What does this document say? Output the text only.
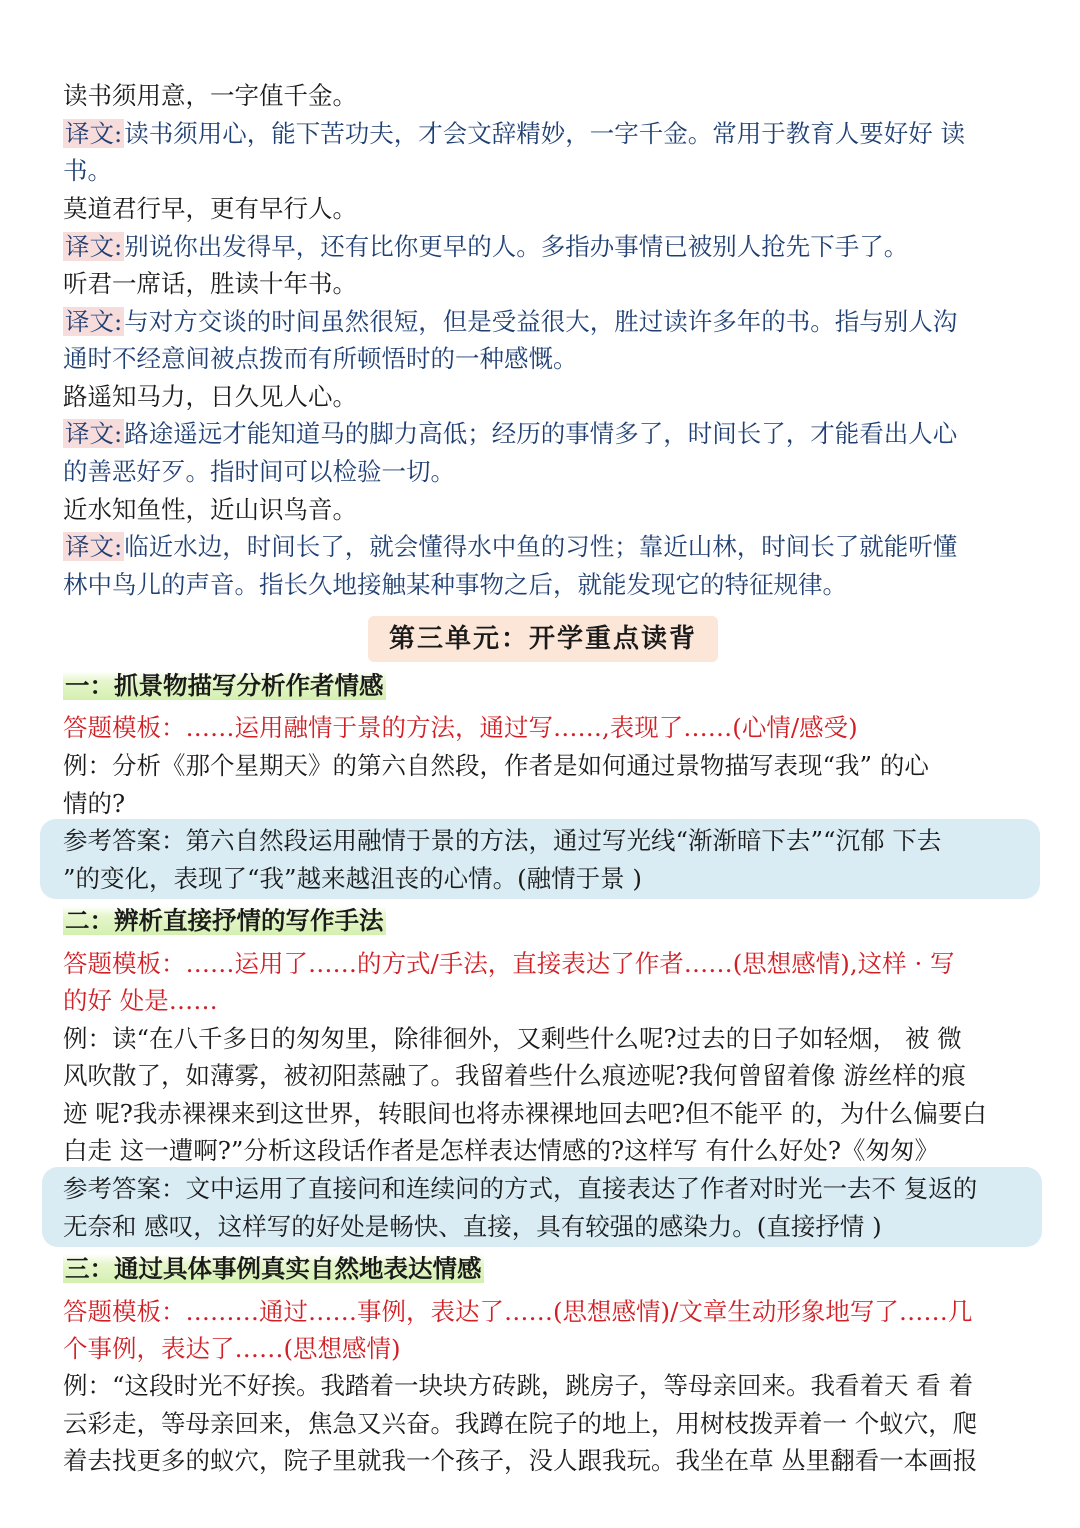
读书须用意，一字值千金。
译文:读书须用心，能下苦功夫，才会文辞精妙，一字千金。常用于教育人要好好 读
书。
莫道君行早，更有早行人。
译文:别说你出发得早，还有比你更早的人。多指办事情已被别人抢先下手了。
听君一席话，胜读十年书。
译文:与对方交谈的时间虽然很短，但是受益很大，胜过读许多年的书。指与别人沟
通时不经意间被点拨而有所顿悟时的一种感慨。
路遥知马力，日久见人心。
译文:路途遥远才能知道马的脚力高低；经历的事情多了，时间长了，才能看出人心
的善恶好歹。指时间可以检验一切。
近水知鱼性，近山识鸟音。
译文:临近水边，时间长了，就会懂得水中鱼的习性；靠近山林，时间长了就能听懂
林中鸟儿的声音。指长久地接触某种事物之后，就能发现它的特征规律。
第三单元：开学重点读背
一：抓景物描写分析作者情感
答题模板：……运用融情于景的方法，通过写……,表现了……(心情/感受)
例：分析《那个星期天》的第六自然段，作者是如何通过景物描写表现“我” 的心
情的?
参考答案：第六自然段运用融情于景的方法，通过写光线“渐渐暗下去”“沉郁 下去
”的变化，表现了“我”越来越沮丧的心情。(融情于景 )
二：辨析直接抒情的写作手法
答题模板：……运用了……的方式/手法，直接表达了作者……(思想感情),这样 · 写
的好 处是……
例：读“在八千多日的匆匆里，除徘徊外，又剩些什么呢?过去的日子如轻烟， 被 微
风吹散了，如薄雾，被初阳蒸融了。我留着些什么痕迹呢?我何曾留着像 游丝样的痕
迹 呢?我赤裸裸来到这世界，转眼间也将赤裸裸地回去吧?但不能平 的，为什么偏要白
白走 这一遭啊?”分析这段话作者是怎样表达情感的?这样写 有什么好处?《匆匆》
参考答案：文中运用了直接问和连续问的方式，直接表达了作者对时光一去不 复返的
无奈和 感叹，这样写的好处是畅快、直接，具有较强的感染力。(直接抒情 )
三：通过具体事例真实自然地表达情感
答题模板：………通过……事例，表达了……(思想感情)/文章生动形象地写了……几
个事例，表达了……(思想感情)
例：“这段时光不好挨。我踏着一块块方砖跳，跳房子，等母亲回来。我看着天 看 着
云彩走，等母亲回来，焦急又兴奋。我蹲在院子的地上，用树枝拨弄着一 个蚁穴，爬
着去找更多的蚁穴，院子里就我一个孩子，没人跟我玩。我坐在草 丛里翻看一本画报
